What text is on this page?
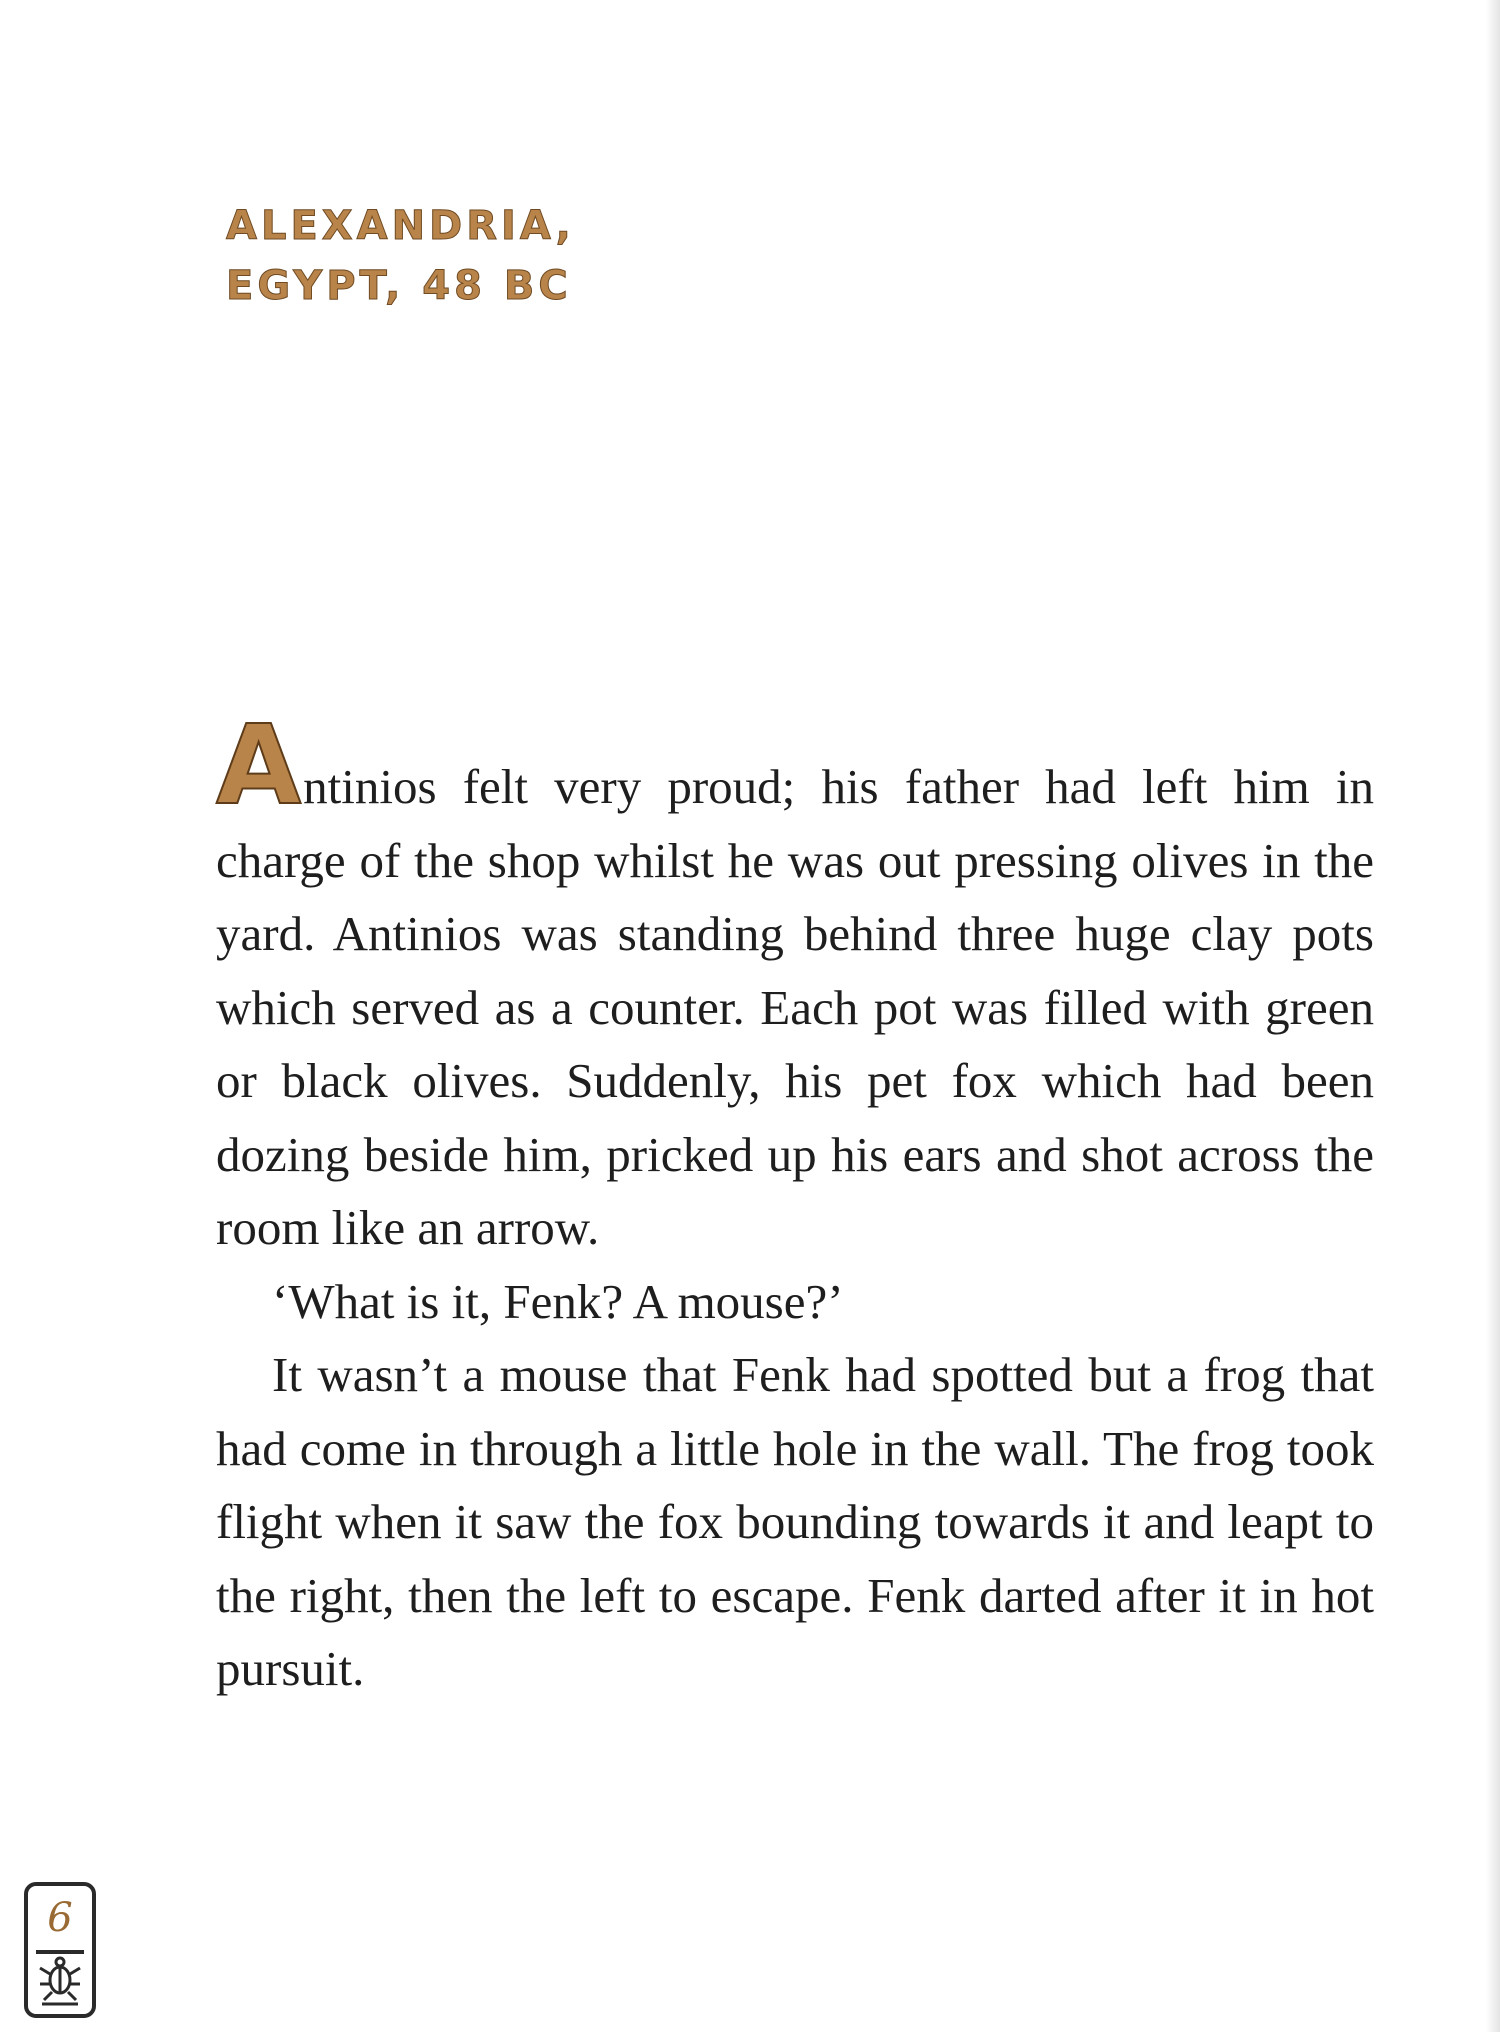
ALEXANDRIA,
EGYPT, 48 BC

Antinios felt very proud; his father had left him in charge of the shop whilst he was out pressing olives in the yard. Antinios was standing behind three huge clay pots which served as a counter. Each pot was filled with green or black olives. Suddenly, his pet fox which had been dozing beside him, pricked up his ears and shot across the room like an arrow.

‘What is it, Fenk? A mouse?’

It wasn’t a mouse that Fenk had spotted but a frog that had come in through a little hole in the wall. The frog took flight when it saw the fox bounding towards it and leapt to the right, then the left to escape. Fenk darted after it in hot pursuit.

6
